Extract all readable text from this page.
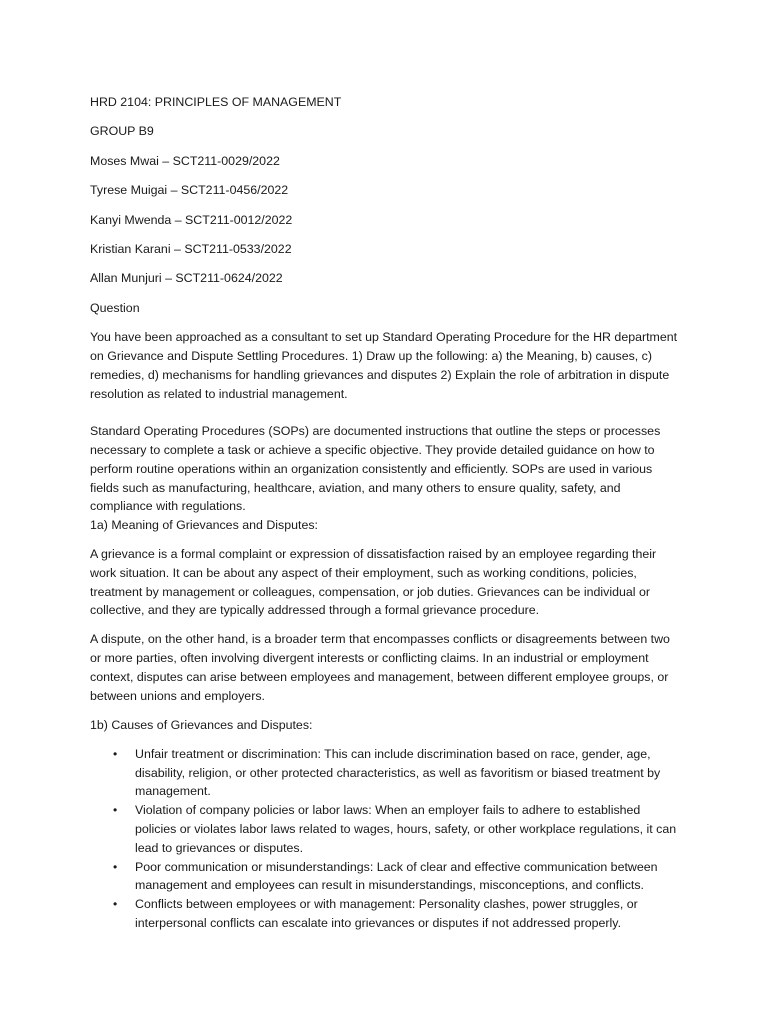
HRD 2104: PRINCIPLES OF MANAGEMENT
GROUP B9
Moses Mwai – SCT211-0029/2022
Tyrese Muigai – SCT211-0456/2022
Kanyi Mwenda – SCT211-0012/2022
Kristian Karani – SCT211-0533/2022
Allan Munjuri – SCT211-0624/2022
Question

You have been approached as a consultant to set up Standard Operating Procedure for the HR department on Grievance and Dispute Settling Procedures. 1) Draw up the following: a) the Meaning, b) causes, c) remedies, d) mechanisms for handling grievances and disputes 2) Explain the role of arbitration in dispute resolution as related to industrial management.

Standard Operating Procedures (SOPs) are documented instructions that outline the steps or processes necessary to complete a task or achieve a specific objective. They provide detailed guidance on how to perform routine operations within an organization consistently and efficiently. SOPs are used in various fields such as manufacturing, healthcare, aviation, and many others to ensure quality, safety, and compliance with regulations.

1a) Meaning of Grievances and Disputes:

A grievance is a formal complaint or expression of dissatisfaction raised by an employee regarding their work situation. It can be about any aspect of their employment, such as working conditions, policies, treatment by management or colleagues, compensation, or job duties. Grievances can be individual or collective, and they are typically addressed through a formal grievance procedure.

A dispute, on the other hand, is a broader term that encompasses conflicts or disagreements between two or more parties, often involving divergent interests or conflicting claims. In an industrial or employment context, disputes can arise between employees and management, between different employee groups, or between unions and employers.

1b) Causes of Grievances and Disputes:

• Unfair treatment or discrimination: This can include discrimination based on race, gender, age, disability, religion, or other protected characteristics, as well as favoritism or biased treatment by management.
• Violation of company policies or labor laws: When an employer fails to adhere to established policies or violates labor laws related to wages, hours, safety, or other workplace regulations, it can lead to grievances or disputes.
• Poor communication or misunderstandings: Lack of clear and effective communication between management and employees can result in misunderstandings, misconceptions, and conflicts.
• Conflicts between employees or with management: Personality clashes, power struggles, or interpersonal conflicts can escalate into grievances or disputes if not addressed properly.
